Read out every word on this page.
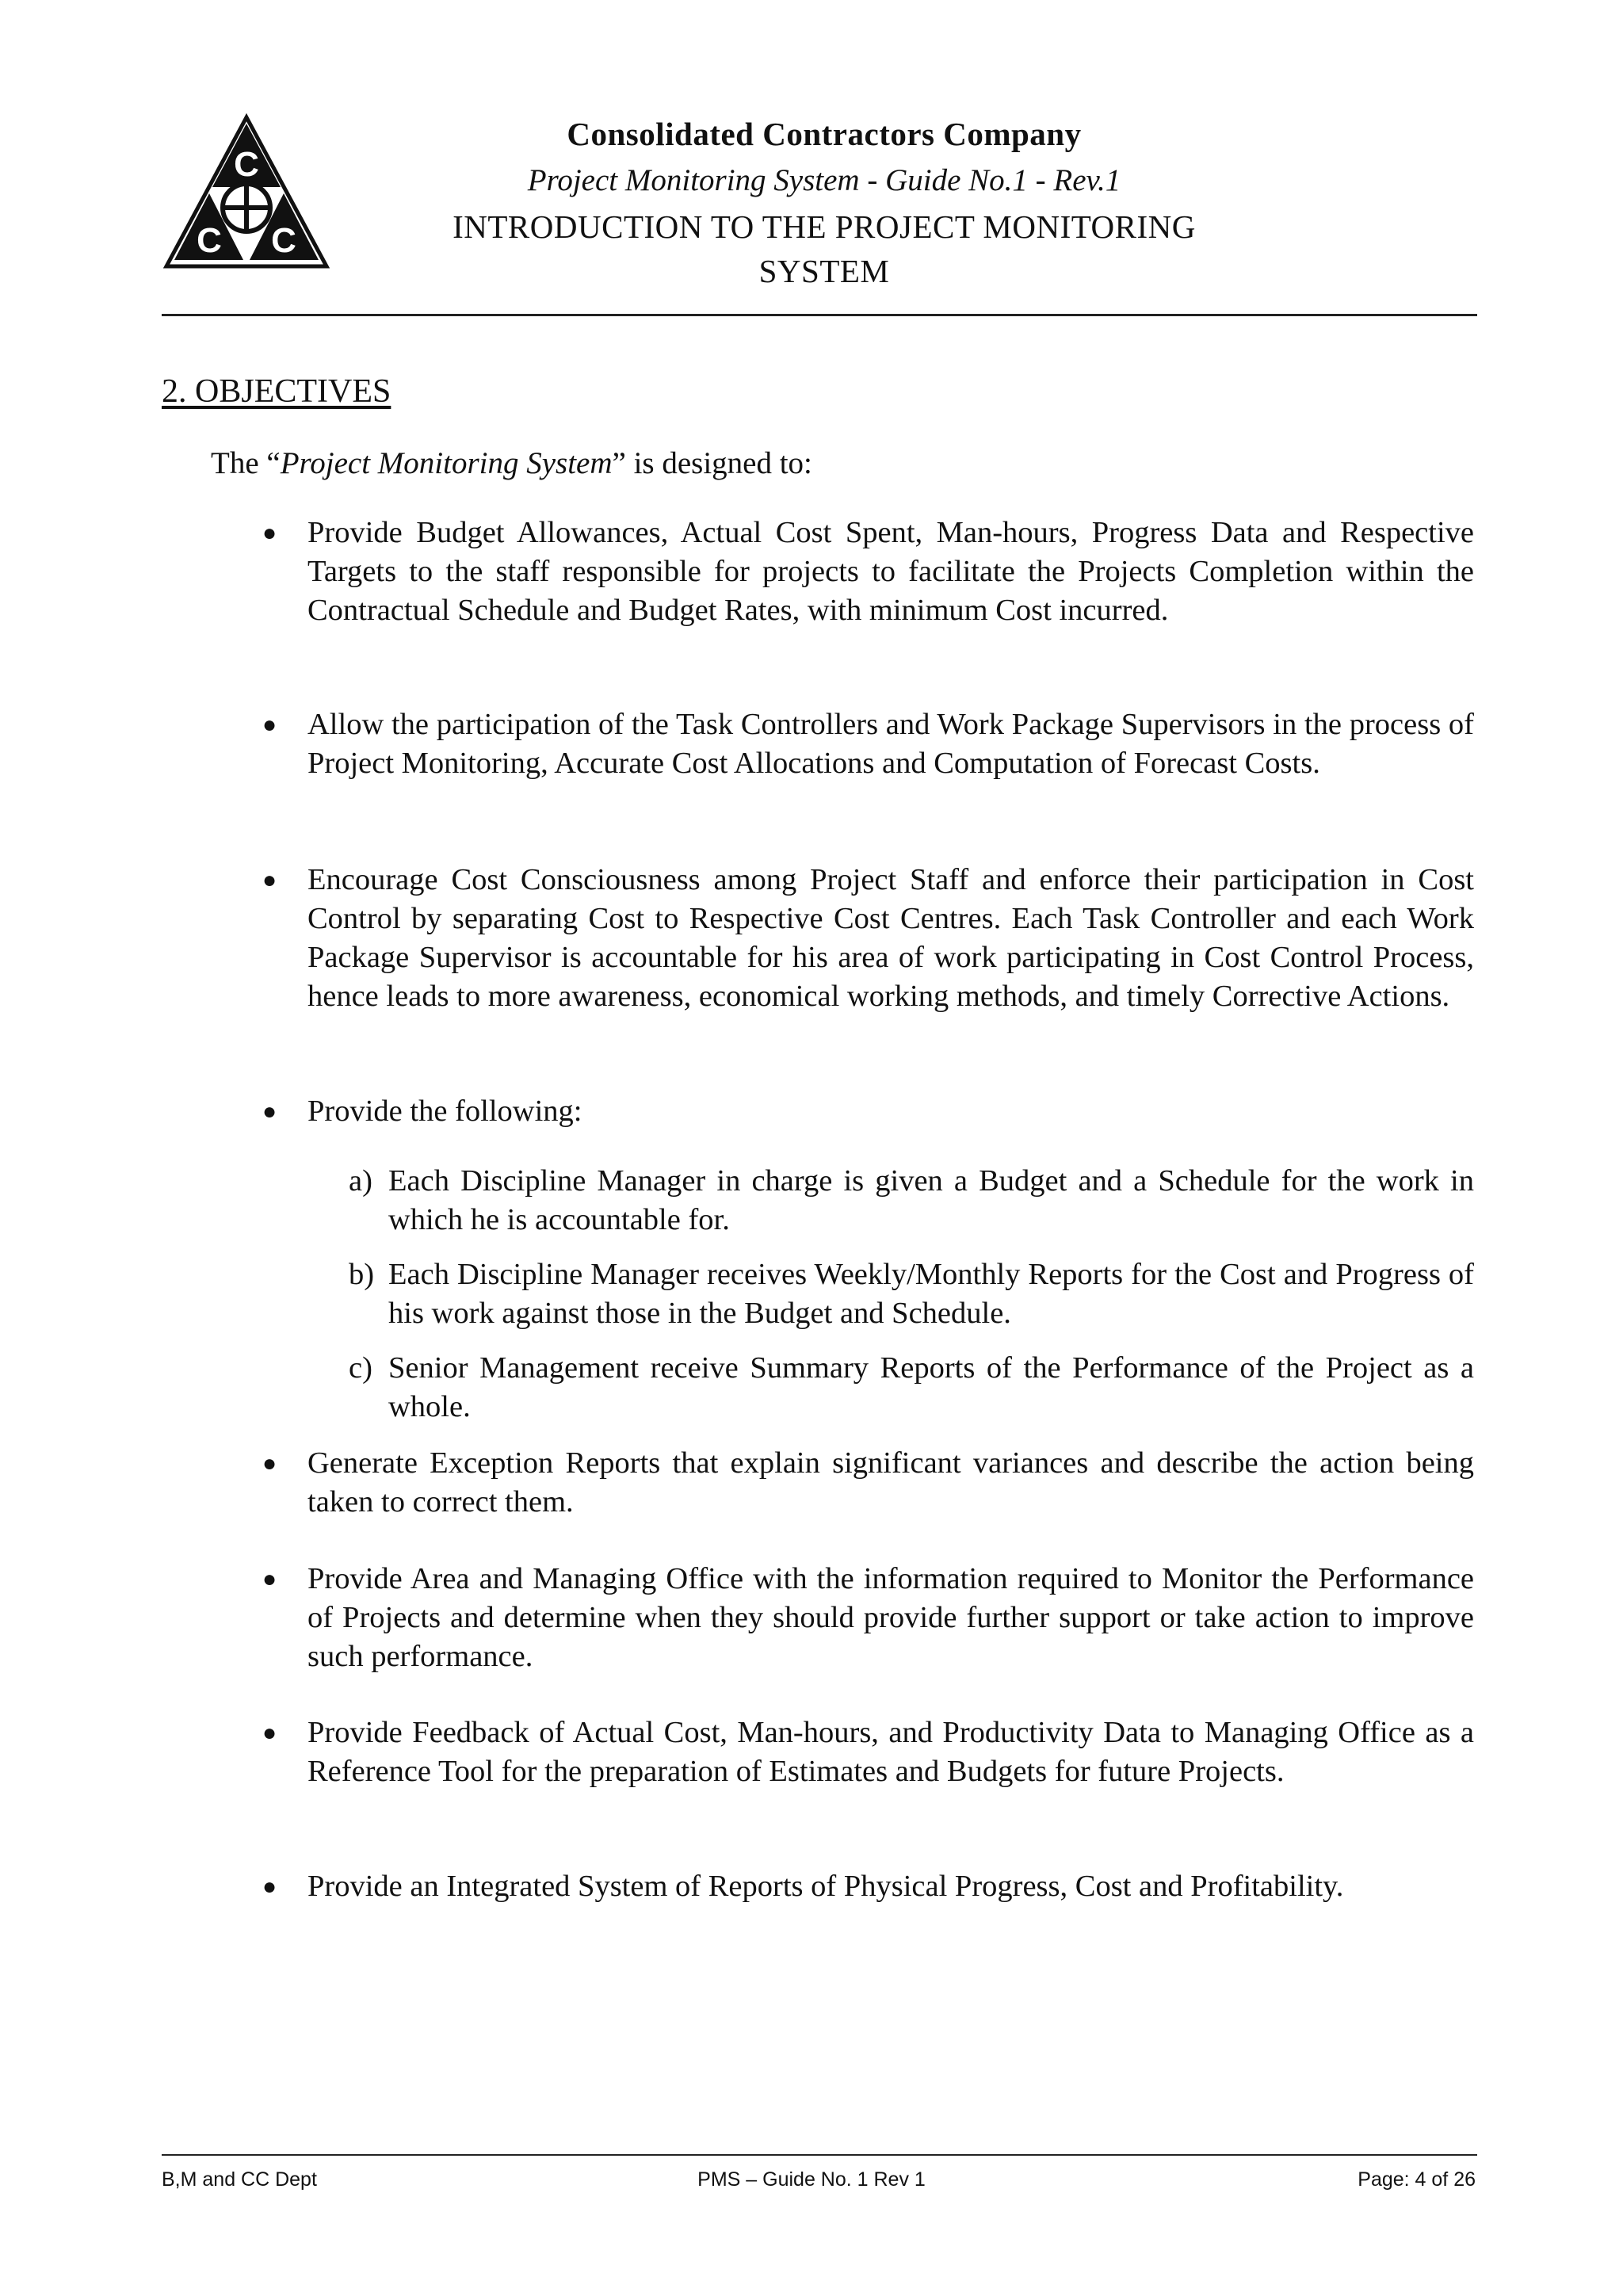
C
C C
Consolidated Contractors Company
Project Monitoring System - Guide No.1 - Rev.1
INTRODUCTION TO THE PROJECT MONITORING
SYSTEM
2. OBJECTIVES
The “Project Monitoring System” is designed to:
● Provide Budget Allowances, Actual Cost Spent, Man-hours, Progress Data and Respective Targets to the staff responsible for projects to facilitate the Projects Completion within the Contractual Schedule and Budget Rates, with minimum Cost incurred.
● Allow the participation of the Task Controllers and Work Package Supervisors in the process of Project Monitoring, Accurate Cost Allocations and Computation of Forecast Costs.
● Encourage Cost Consciousness among Project Staff and enforce their participation in Cost Control by separating Cost to Respective Cost Centres. Each Task Controller and each Work Package Supervisor is accountable for his area of work participating in Cost Control Process, hence leads to more awareness, economical working methods, and timely Corrective Actions.
● Provide the following:
a) Each Discipline Manager in charge is given a Budget and a Schedule for the work in which he is accountable for.
b) Each Discipline Manager receives Weekly/Monthly Reports for the Cost and Progress of his work against those in the Budget and Schedule.
c) Senior Management receive Summary Reports of the Performance of the Project as a whole.
● Generate Exception Reports that explain significant variances and describe the action being taken to correct them.
● Provide Area and Managing Office with the information required to Monitor the Performance of Projects and determine when they should provide further support or take action to improve such performance.
● Provide Feedback of Actual Cost, Man-hours, and Productivity Data to Managing Office as a Reference Tool for the preparation of Estimates and Budgets for future Projects.
● Provide an Integrated System of Reports of Physical Progress, Cost and Profitability.
B,M and CC Dept	PMS – Guide No. 1 Rev 1	Page: 4 of 26
